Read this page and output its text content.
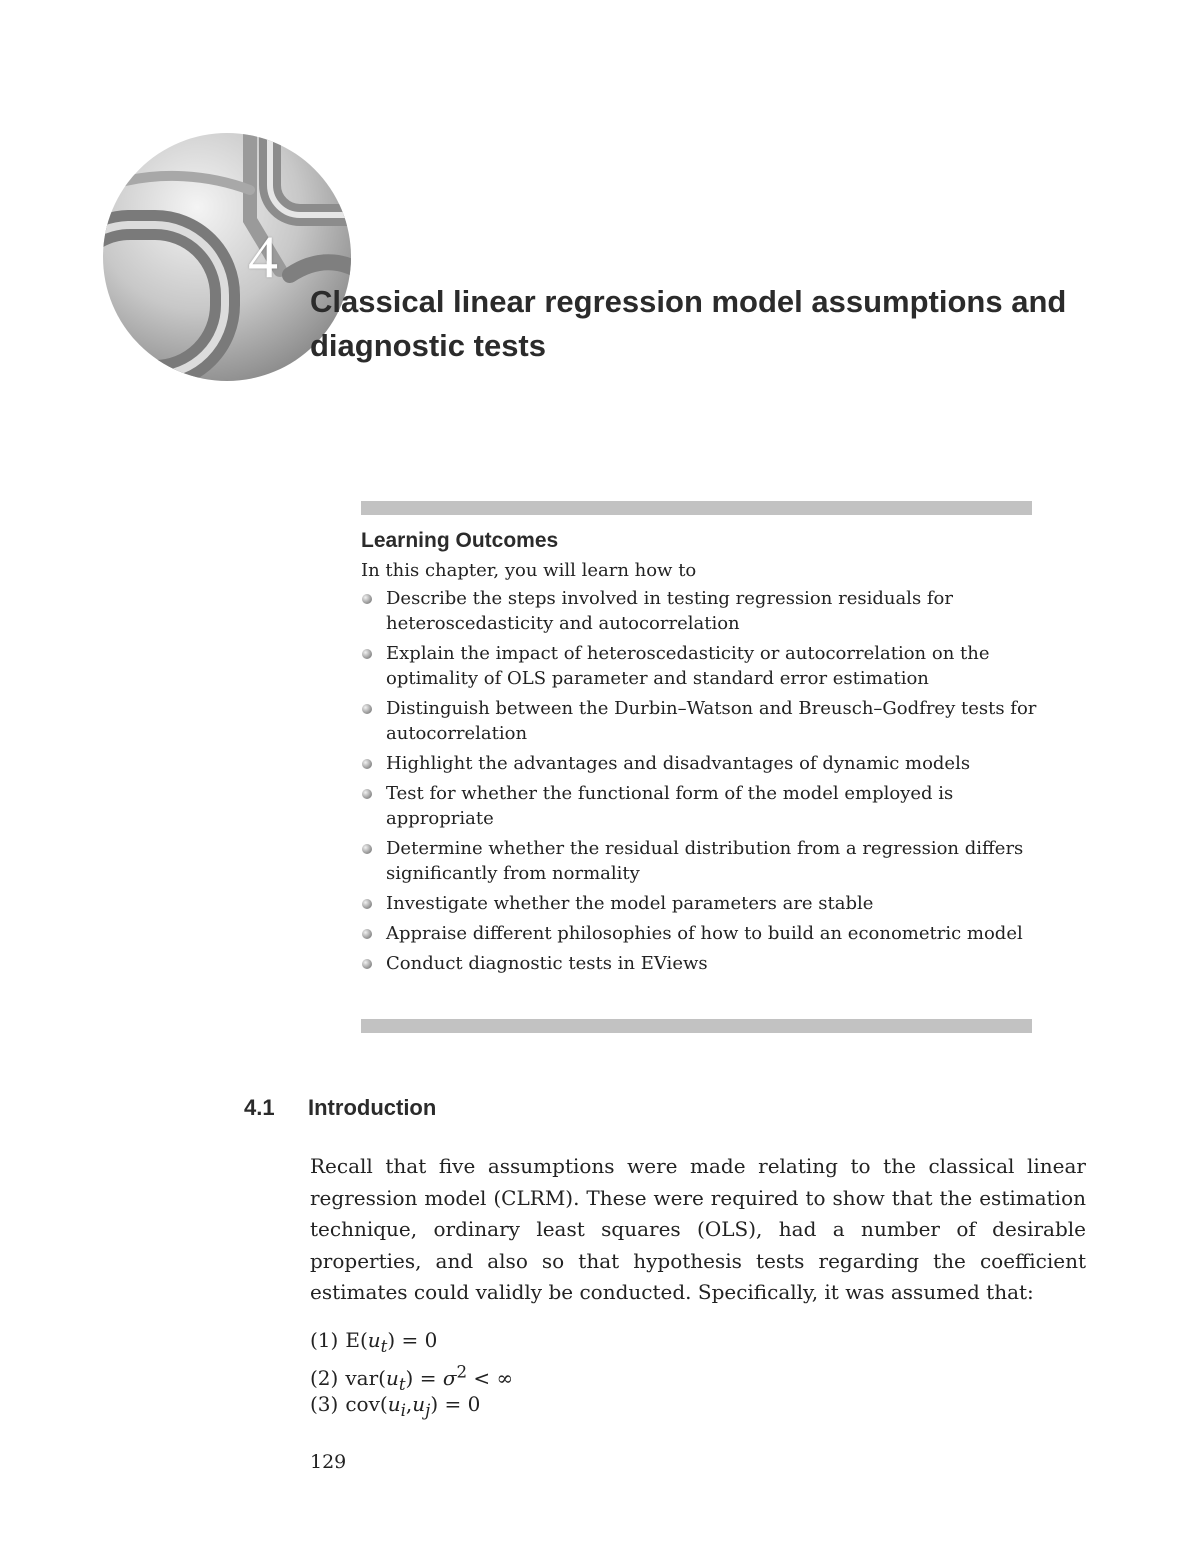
4
Classical linear regression model assumptions and diagnostic tests
Learning Outcomes

In this chapter, you will learn how to

Describe the steps involved in testing regression residuals for heteroscedasticity and autocorrelation
Explain the impact of heteroscedasticity or autocorrelation on the optimality of OLS parameter and standard error estimation
Distinguish between the Durbin–Watson and Breusch–Godfrey tests for autocorrelation
Highlight the advantages and disadvantages of dynamic models
Test for whether the functional form of the model employed is appropriate
Determine whether the residual distribution from a regression differs significantly from normality
Investigate whether the model parameters are stable
Appraise different philosophies of how to build an econometric model
Conduct diagnostic tests in EViews
4.1 Introduction

Recall that five assumptions were made relating to the classical linear regression model (CLRM). These were required to show that the estimation technique, ordinary least squares (OLS), had a number of desirable properties, and also so that hypothesis tests regarding the coefficient estimates could validly be conducted. Specifically, it was assumed that:

(1) $E(u_t) = 0$
(2) $var(u_t) = \sigma^2$ < ∞
(3) $cov(u_i,u_j) = 0$

129
